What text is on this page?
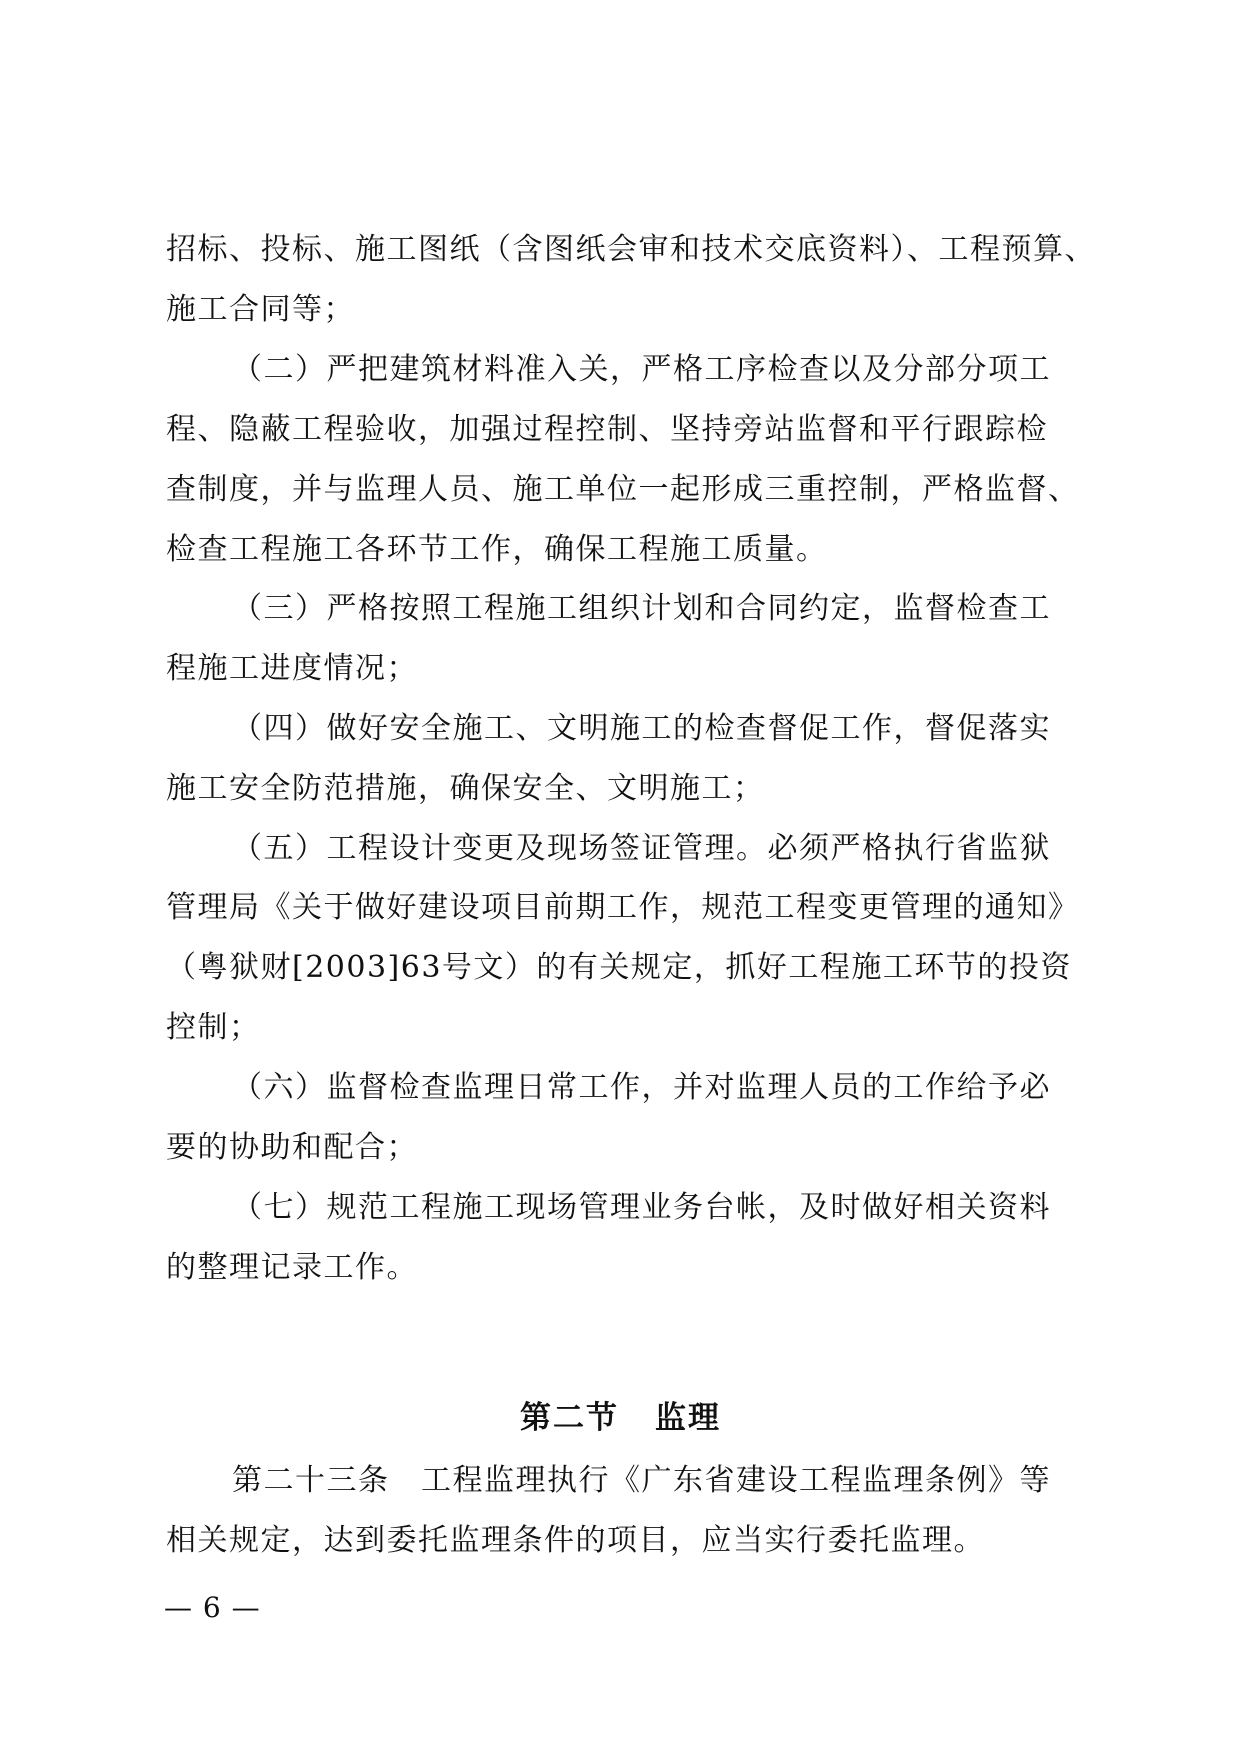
招标、投标、施工图纸（含图纸会审和技术交底资料）、工程预算、
施工合同等；
（二）严把建筑材料准入关，严格工序检查以及分部分项工
程、隐蔽工程验收，加强过程控制、坚持旁站监督和平行跟踪检
查制度，并与监理人员、施工单位一起形成三重控制，严格监督、
检查工程施工各环节工作，确保工程施工质量。
（三）严格按照工程施工组织计划和合同约定，监督检查工
程施工进度情况；
（四）做好安全施工、文明施工的检查督促工作，督促落实
施工安全防范措施，确保安全、文明施工；
（五）工程设计变更及现场签证管理。必须严格执行省监狱
管理局《关于做好建设项目前期工作，规范工程变更管理的通知》
（粤狱财[2003]63号文）的有关规定，抓好工程施工环节的投资
控制；
（六）监督检查监理日常工作，并对监理人员的工作给予必
要的协助和配合；
（七）规范工程施工现场管理业务台帐，及时做好相关资料
的整理记录工作。
第二节 监理
第二十三条　工程监理执行《广东省建设工程监理条例》等
相关规定，达到委托监理条件的项目，应当实行委托监理。
— 6 —
